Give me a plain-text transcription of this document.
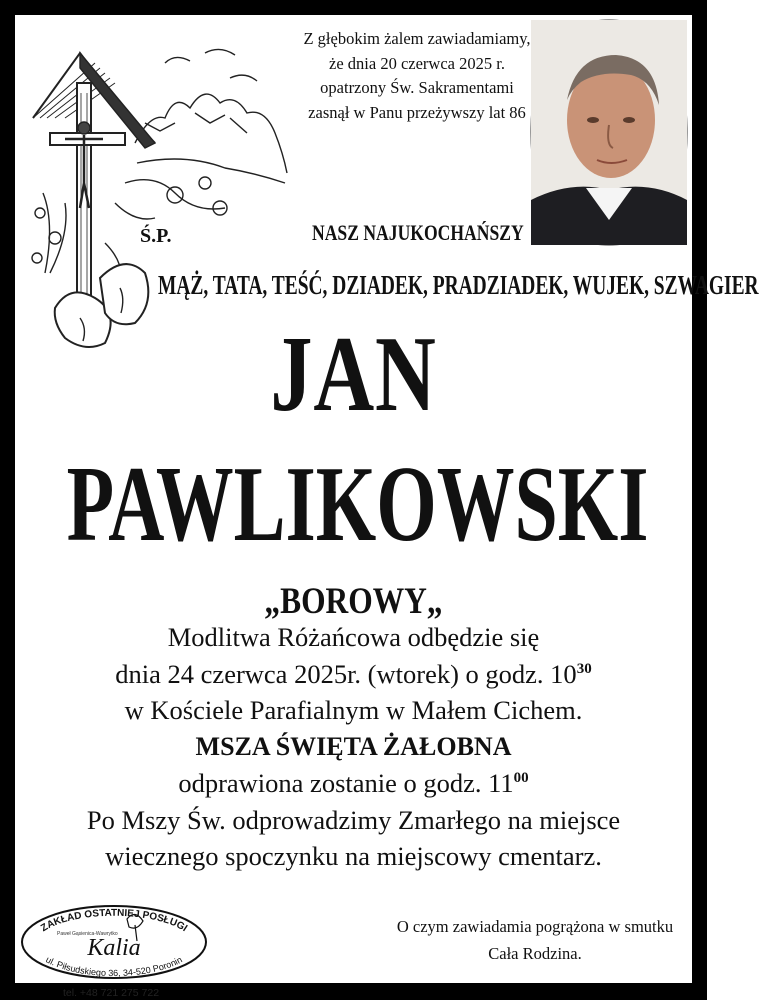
Z głębokim żalem zawiadamiamy,
że dnia 20 czerwca 2025 r.
opatrzony Św. Sakramentami
zasnął w Panu przeżywszy lat 86
Ś.P.	NASZ NAJUKOCHAŃSZY
MĄŻ, TATA, TEŚĆ, DZIADEK, PRADZIADEK, WUJEK, SZWAGIER
JAN
PAWLIKOWSKI
„BOROWY„
Modlitwa Różańcowa odbędzie się
dnia 24 czerwca 2025r. (wtorek) o godz. $10^{30}$
w Kościele Parafialnym w Małem Cichem.
MSZA ŚWIĘTA ŻAŁOBNA
odprawiona zostanie o godz. $11^{00}$
Po Mszy Św. odprowadzimy Zmarłego na miejsce
wiecznego spoczynku na miejscowy cmentarz.
ZAKŁAD OSTATNIEJ POSŁUGI
ul. Piłsudskiego 36, 34-520 Poronin
Paweł Gąsienica-Wawrytko
Kalia
tel. +48 721 275 722
O czym zawiadamia pogrążona w smutku
Cała Rodzina.
